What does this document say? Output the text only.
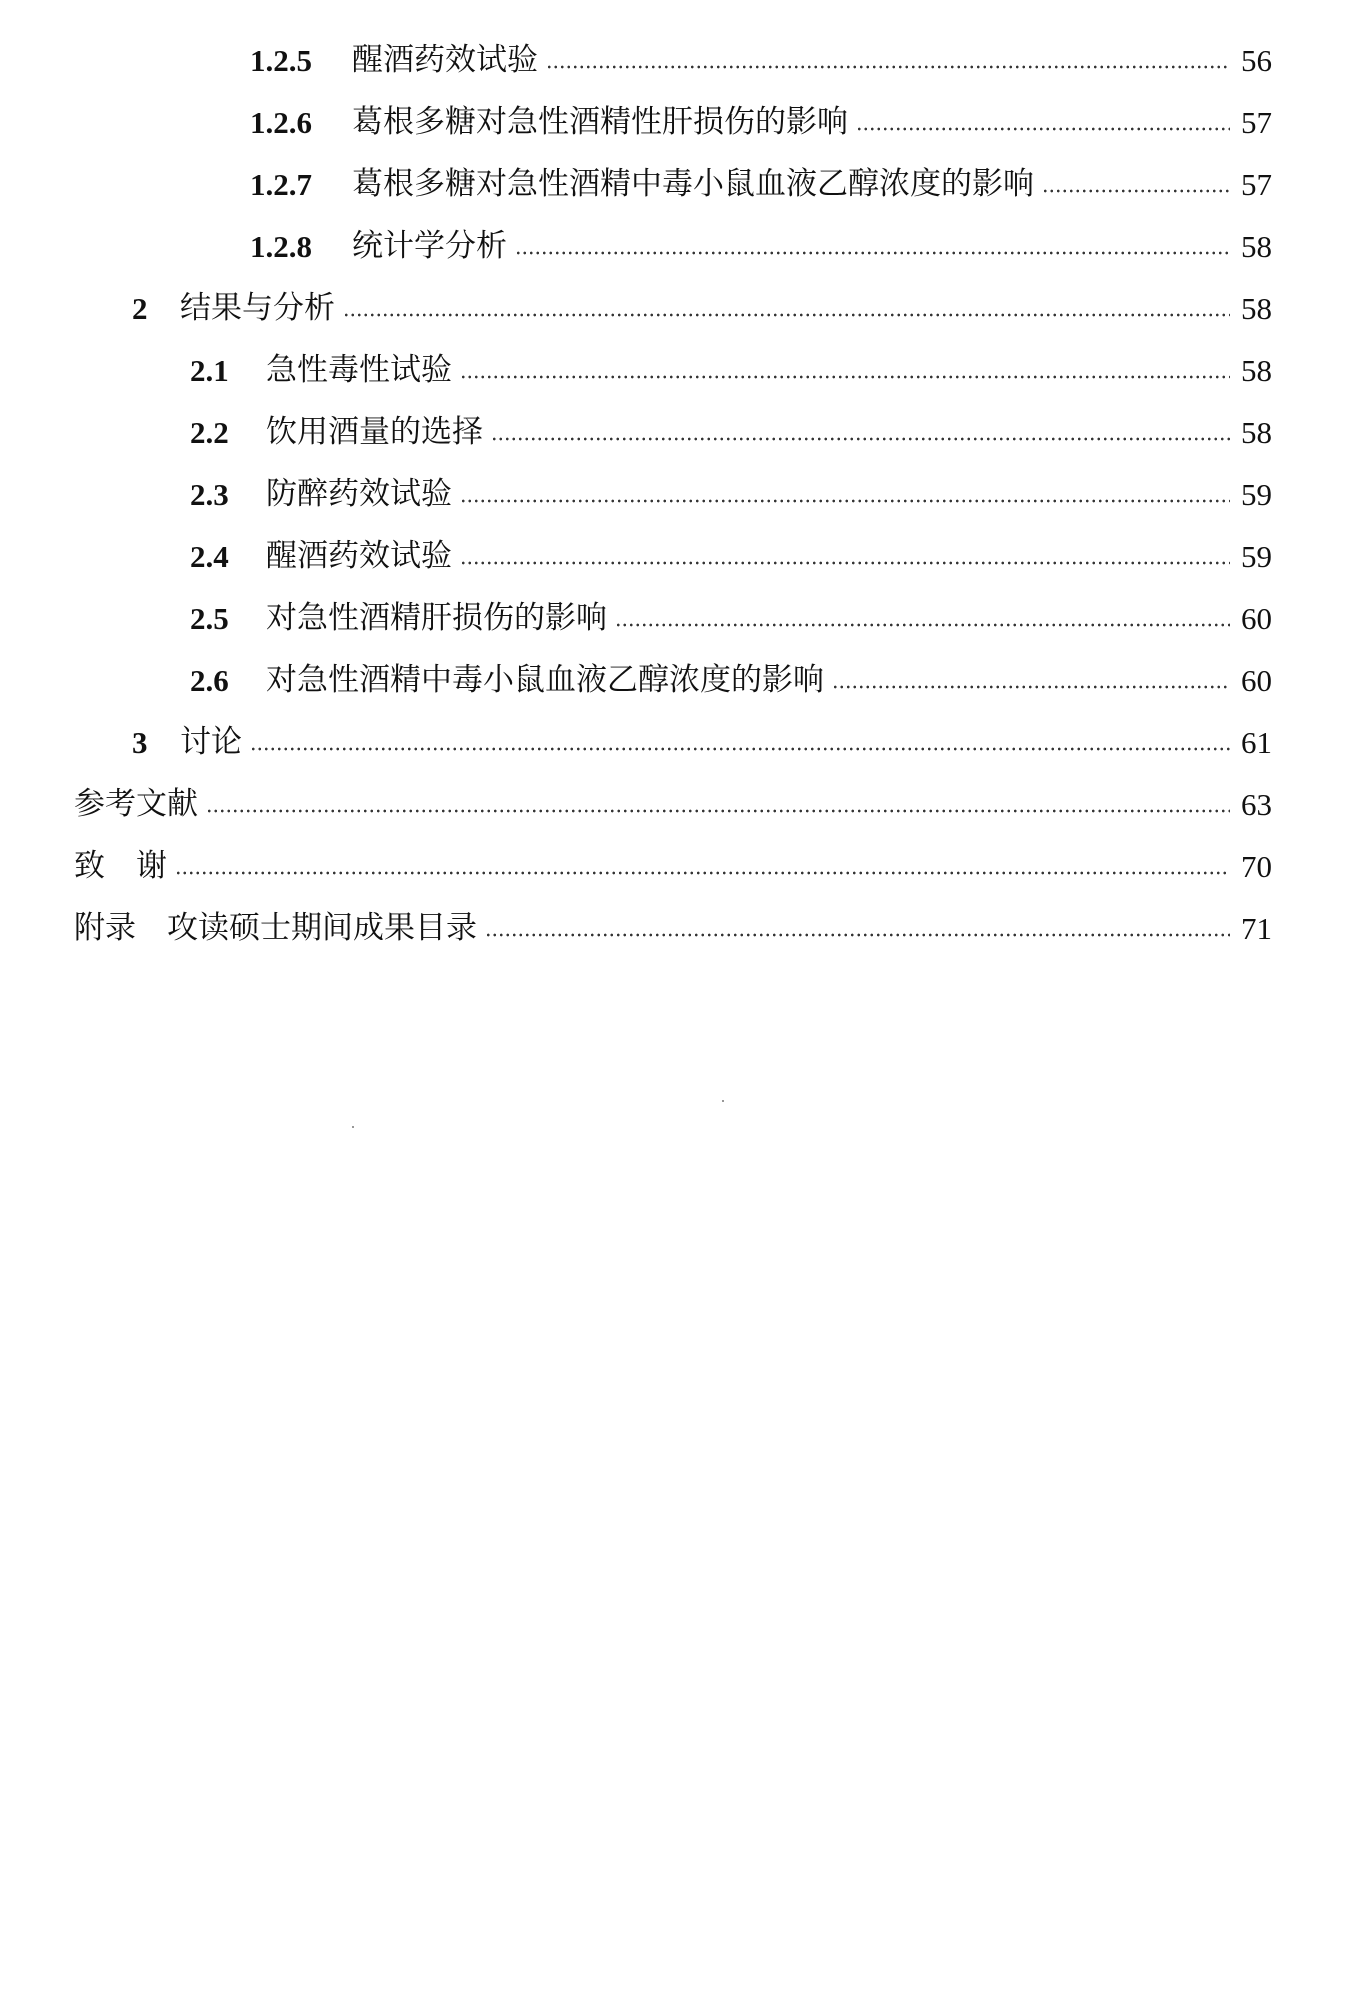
1.2.5	醒酒药效试验	56
1.2.6	葛根多糖对急性酒精性肝损伤的影响	57
1.2.7	葛根多糖对急性酒精中毒小鼠血液乙醇浓度的影响	57
1.2.8	统计学分析	58
2	结果与分析	58
2.1	急性毒性试验	58
2.2	饮用酒量的选择	58
2.3	防醉药效试验	59
2.4	醒酒药效试验	59
2.5	对急性酒精肝损伤的影响	60
2.6	对急性酒精中毒小鼠血液乙醇浓度的影响	60
3	讨论	61
参考文献	63
致　谢	70
附录　攻读硕士期间成果目录	71
